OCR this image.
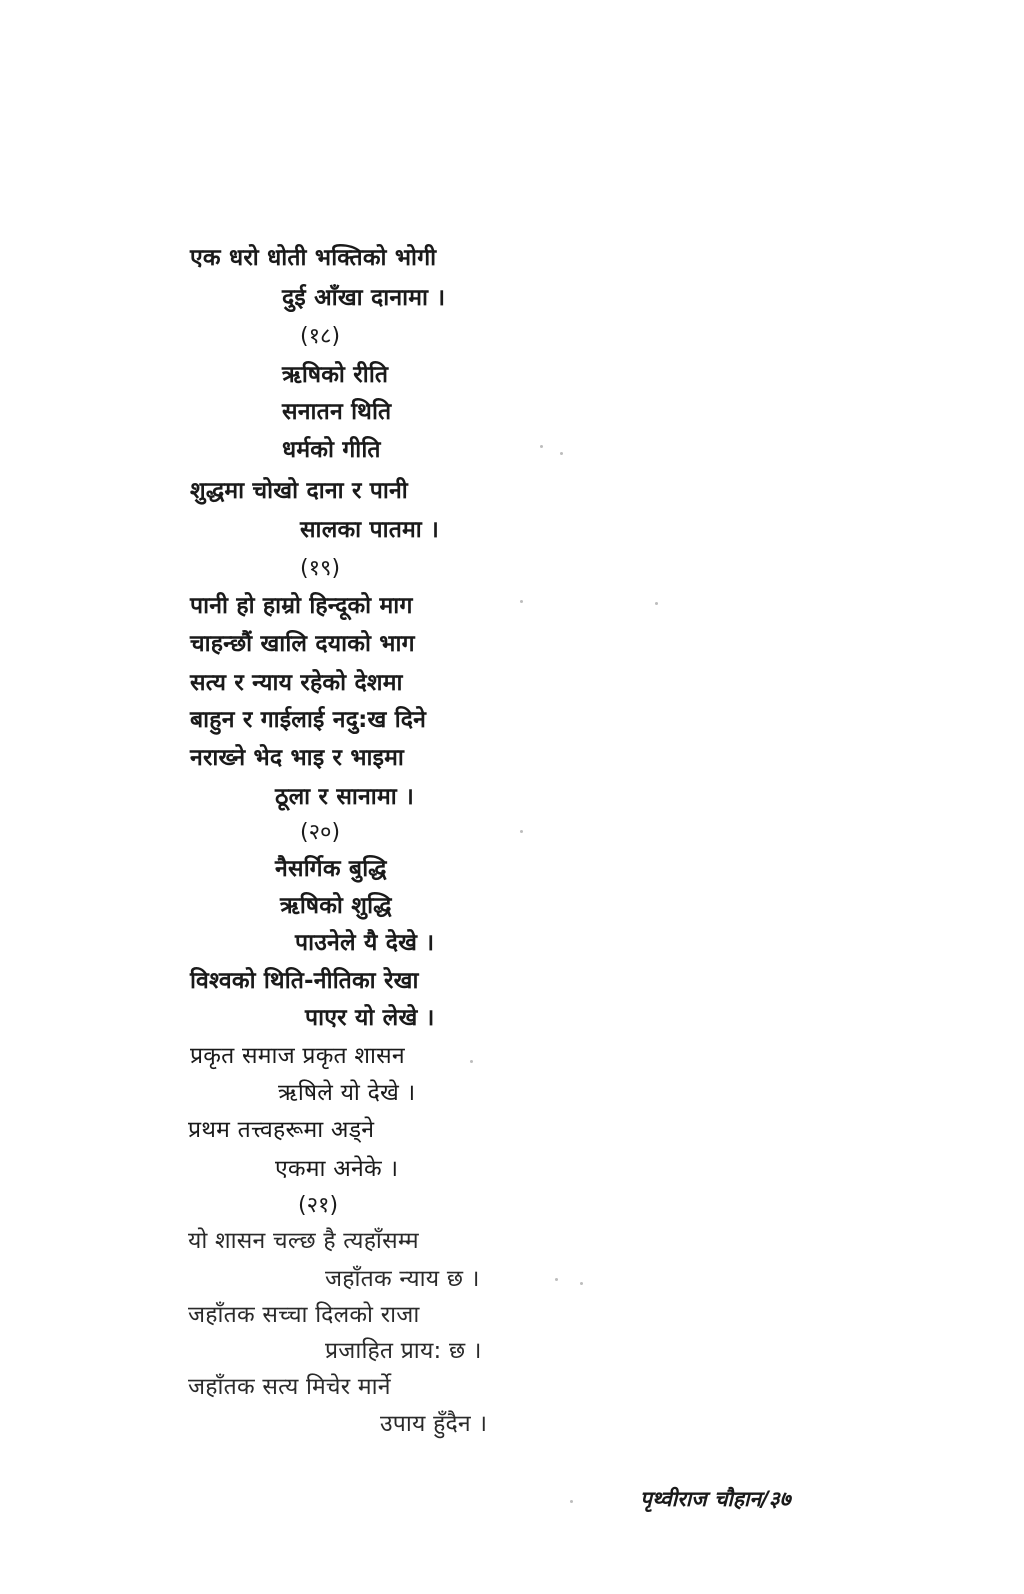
एक धरो धोती भक्तिको भोगी
दुई आँखा दानामा ।
(१८)
ऋषिको रीति
सनातन थिति
धर्मको गीति
शुद्धमा चोखो दाना र पानी
सालका पातमा ।
(१९)
पानी हो हाम्रो हिन्दूको माग
चाहन्छौं खालि दयाको भाग
सत्य र न्याय रहेको देशमा
बाहुन र गाईलाई नदु:ख दिने
नराख्ने भेद भाइ र भाइमा
ठूला र सानामा ।
(२०)
नैसर्गिक बुद्धि
ऋषिको शुद्धि
पाउनेले यै देखे ।
विश्वको थिति-नीतिका रेखा
पाएर यो लेखे ।
प्रकृत समाज प्रकृत शासन
ऋषिले यो देखे ।
प्रथम तत्त्वहरूमा अड्ने
एकमा अनेके ।
(२१)
यो शासन चल्छ है त्यहाँसम्म
जहाँतक न्याय छ ।
जहाँतक सच्चा दिलको राजा
प्रजाहित प्राय: छ ।
जहाँतक सत्य मिचेर मार्ने
उपाय हुँदैन ।
पृथ्वीराज चौहान/३७
